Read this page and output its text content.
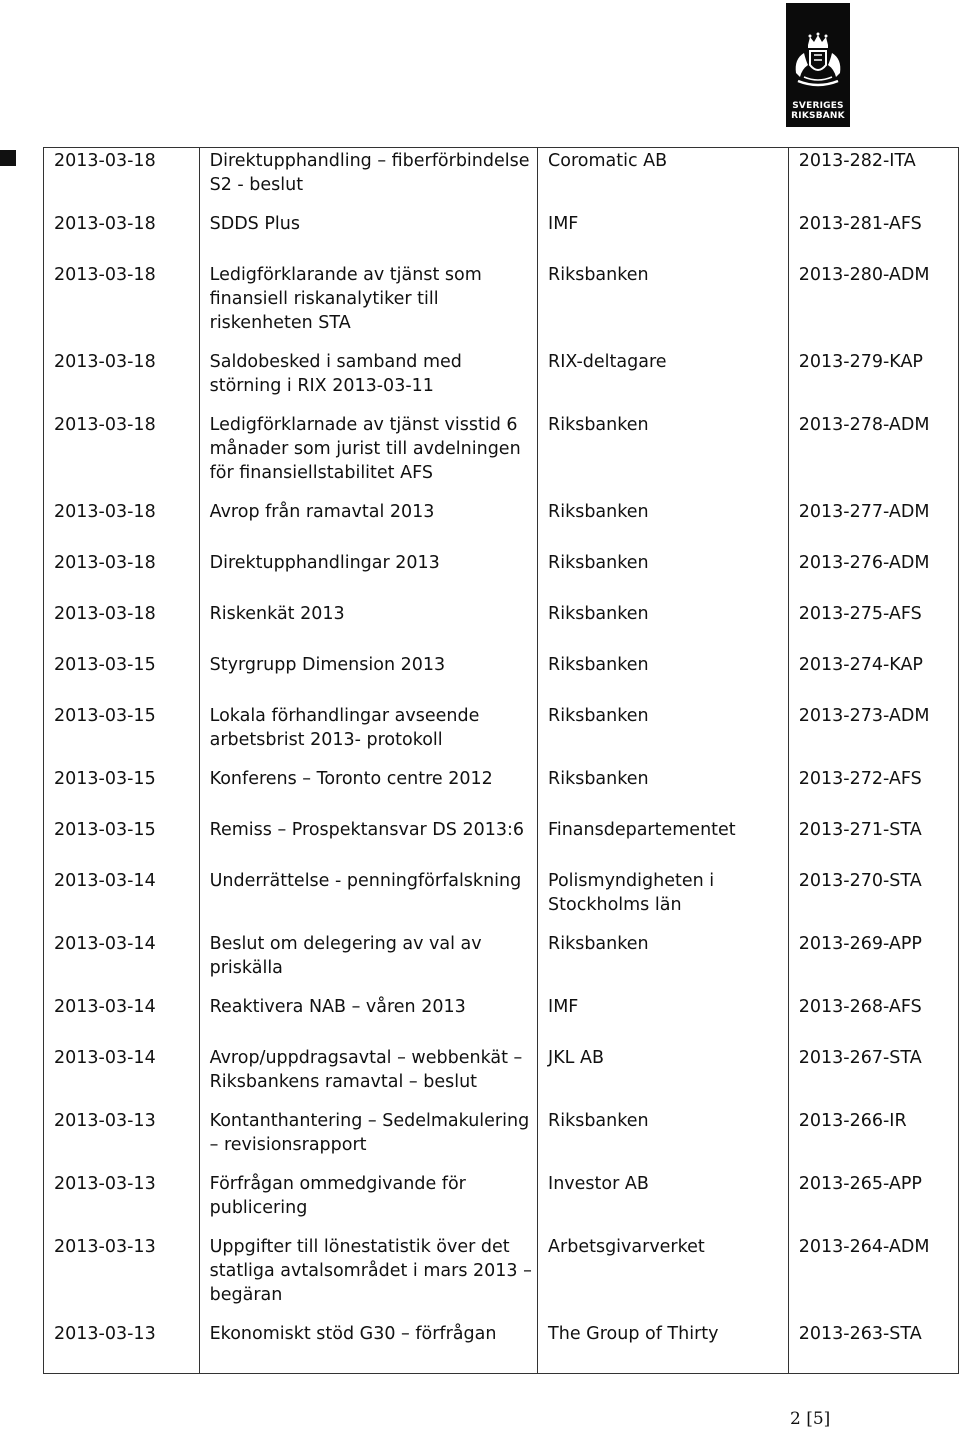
SVERIGES
RIKSBANK
2013-03-18	Direktupphandling – fiberförbindelse S2 - beslut	Coromatic AB	2013-282-ITA
2013-03-18	SDDS Plus	IMF	2013-281-AFS
2013-03-18	Ledigförklarande av tjänst som finansiell riskanalytiker till riskenheten STA	Riksbanken	2013-280-ADM
2013-03-18	Saldobesked i samband med störning i RIX 2013-03-11	RIX-deltagare	2013-279-KAP
2013-03-18	Ledigförklarnade av tjänst visstid 6 månader som jurist till avdelningen för finansiellstabilitet AFS	Riksbanken	2013-278-ADM
2013-03-18	Avrop från ramavtal 2013	Riksbanken	2013-277-ADM
2013-03-18	Direktupphandlingar 2013	Riksbanken	2013-276-ADM
2013-03-18	Riskenkät 2013	Riksbanken	2013-275-AFS
2013-03-15	Styrgrupp Dimension 2013	Riksbanken	2013-274-KAP
2013-03-15	Lokala förhandlingar avseende arbetsbrist 2013- protokoll	Riksbanken	2013-273-ADM
2013-03-15	Konferens – Toronto centre 2012	Riksbanken	2013-272-AFS
2013-03-15	Remiss – Prospektansvar DS 2013:6	Finansdepartementet	2013-271-STA
2013-03-14	Underrättelse - penningförfalskning	Polismyndigheten i Stockholms län	2013-270-STA
2013-03-14	Beslut om delegering av val av priskälla	Riksbanken	2013-269-APP
2013-03-14	Reaktivera NAB – våren 2013	IMF	2013-268-AFS
2013-03-14	Avrop/uppdragsavtal – webbenkät – Riksbankens ramavtal – beslut	JKL AB	2013-267-STA
2013-03-13	Kontanthantering – Sedelmakulering – revisionsrapport	Riksbanken	2013-266-IR
2013-03-13	Förfrågan ommedgivande för publicering	Investor AB	2013-265-APP
2013-03-13	Uppgifter till lönestatistik över det statliga avtalsområdet i mars 2013 – begäran	Arbetsgivarverket	2013-264-ADM
2013-03-13	Ekonomiskt stöd G30 – förfrågan	The Group of Thirty	2013-263-STA
2 [5]
